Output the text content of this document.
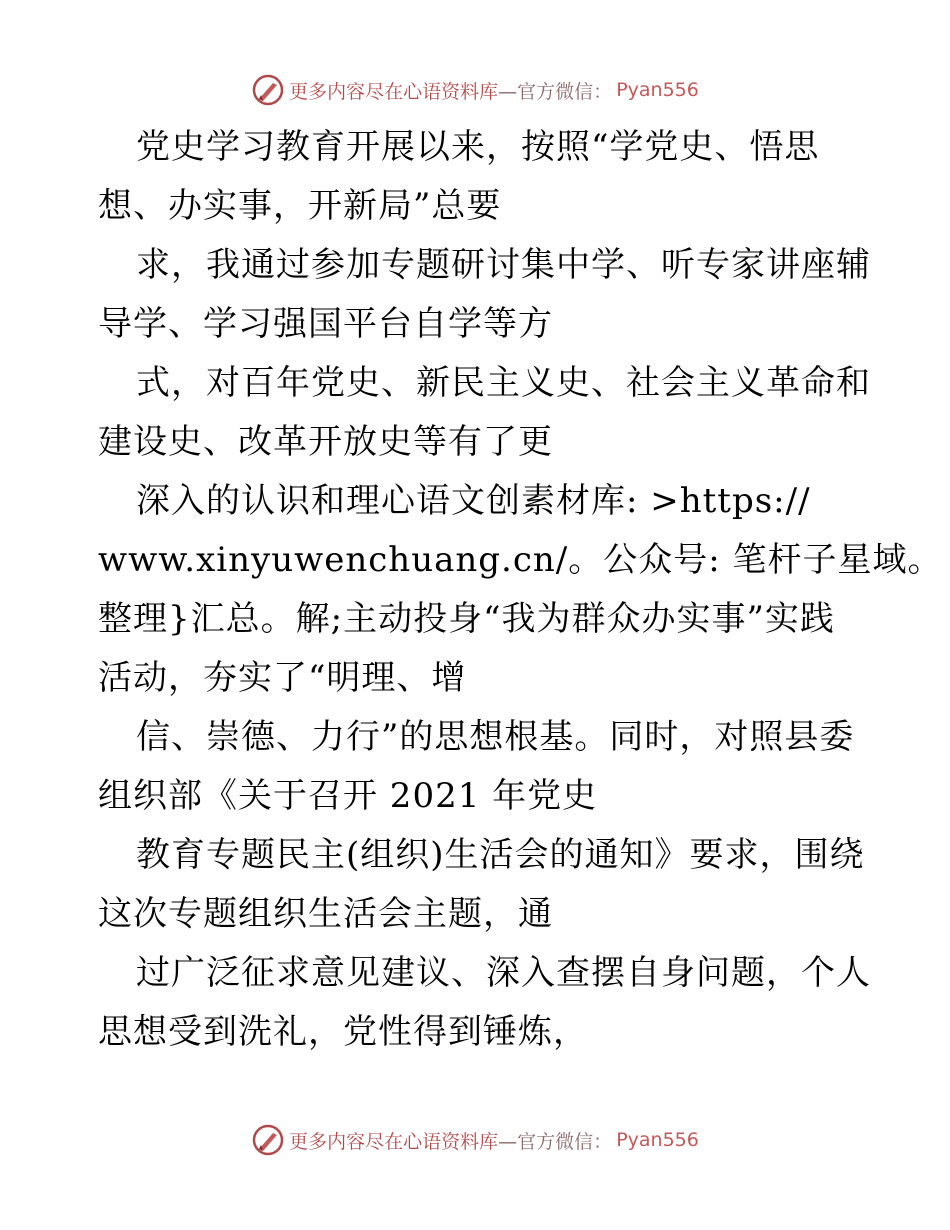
更多内容尽在心语资料库 —官方微信： Pyan556
党史学习教育开展以来，按照“学党史、悟思
想、办实事，开新局”总要
求，我通过参加专题研讨集中学、听专家讲座辅
导学、学习强国平台自学等方
式，对百年党史、新民主义史、社会主义革命和
建设史、改革开放史等有了更
深入的认识和理心语文创素材库: >https://
www.xinyuwenchuang.cn/。公众号: 笔杆子星域。
整理}汇总。解;主动投身“我为群众办实事”实践
活动，夯实了“明理、增
信、崇德、力行”的思想根基。同时，对照县委
组织部《关于召开 2021 年党史
教育专题民主(组织)生活会的通知》要求，围绕
这次专题组织生活会主题，通
过广泛征求意见建议、深入查摆自身问题，个人
思想受到洗礼，党性得到锤炼，
更多内容尽在心语资料库 —官方微信： Pyan556
